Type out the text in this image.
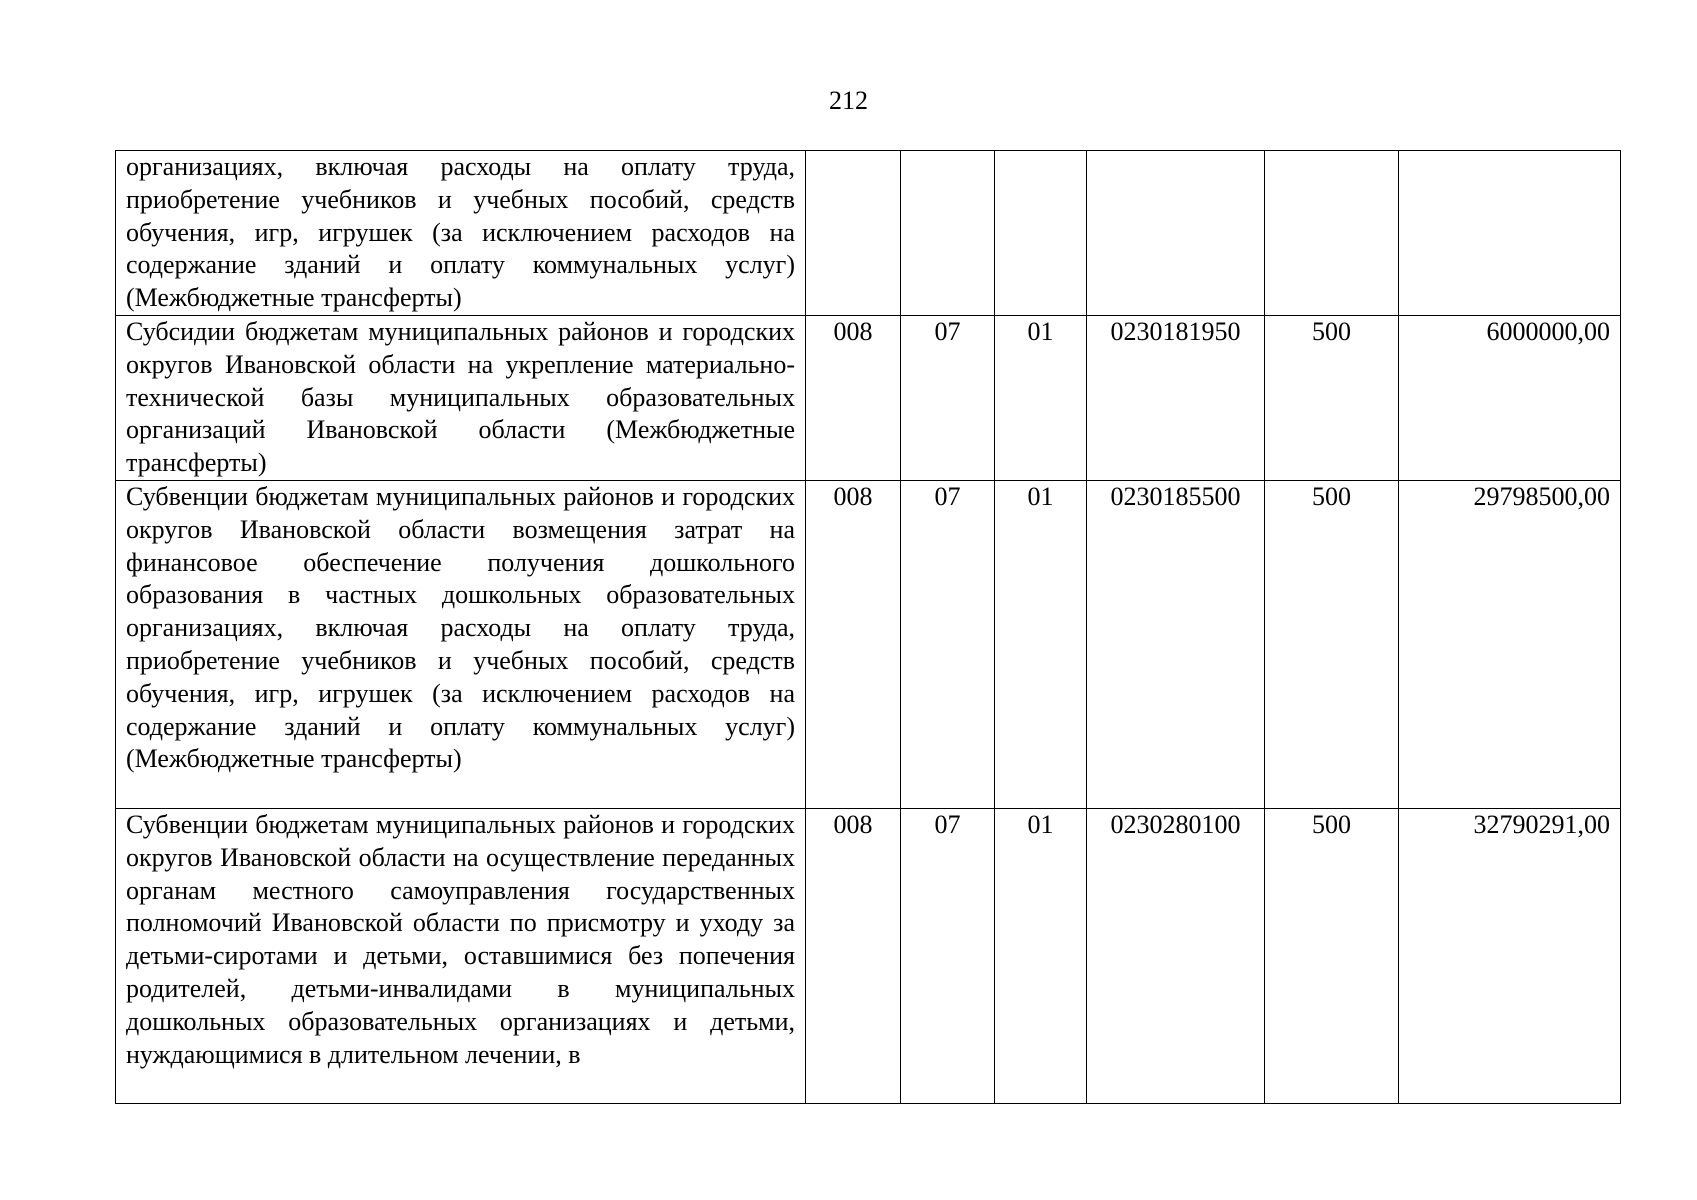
212
организациях, включая расходы на оплату труда, приобретение учебников и учебных пособий, средств обучения, игр, игрушек (за исключением расходов на содержание зданий и оплату коммунальных услуг) (Межбюджетные трансферты)						

Субсидии бюджетам муниципальных районов и городских округов Ивановской области на укрепление материально-технической базы муниципальных образовательных организаций Ивановской области (Межбюджетные трансферты)	008	07	01	0230181950	500	6000000,00

Субвенции бюджетам муниципальных районов и городских округов Ивановской области возмещения затрат на финансовое обеспечение получения дошкольного образования в частных дошкольных образовательных организациях, включая расходы на оплату труда, приобретение учебников и учебных пособий, средств обучения, игр, игрушек (за исключением расходов на содержание зданий и оплату коммунальных услуг) (Межбюджетные трансферты)	008	07	01	0230185500	500	29798500,00

Субвенции бюджетам муниципальных районов и городских округов Ивановской области на осуществление переданных органам местного самоуправления государственных полномочий Ивановской области по присмотру и уходу за детьми-сиротами и детьми, оставшимися без попечения родителей, детьми-инвалидами в муниципальных дошкольных образовательных организациях и детьми, нуждающимися в длительном лечении, в	008	07	01	0230280100	500	32790291,00
